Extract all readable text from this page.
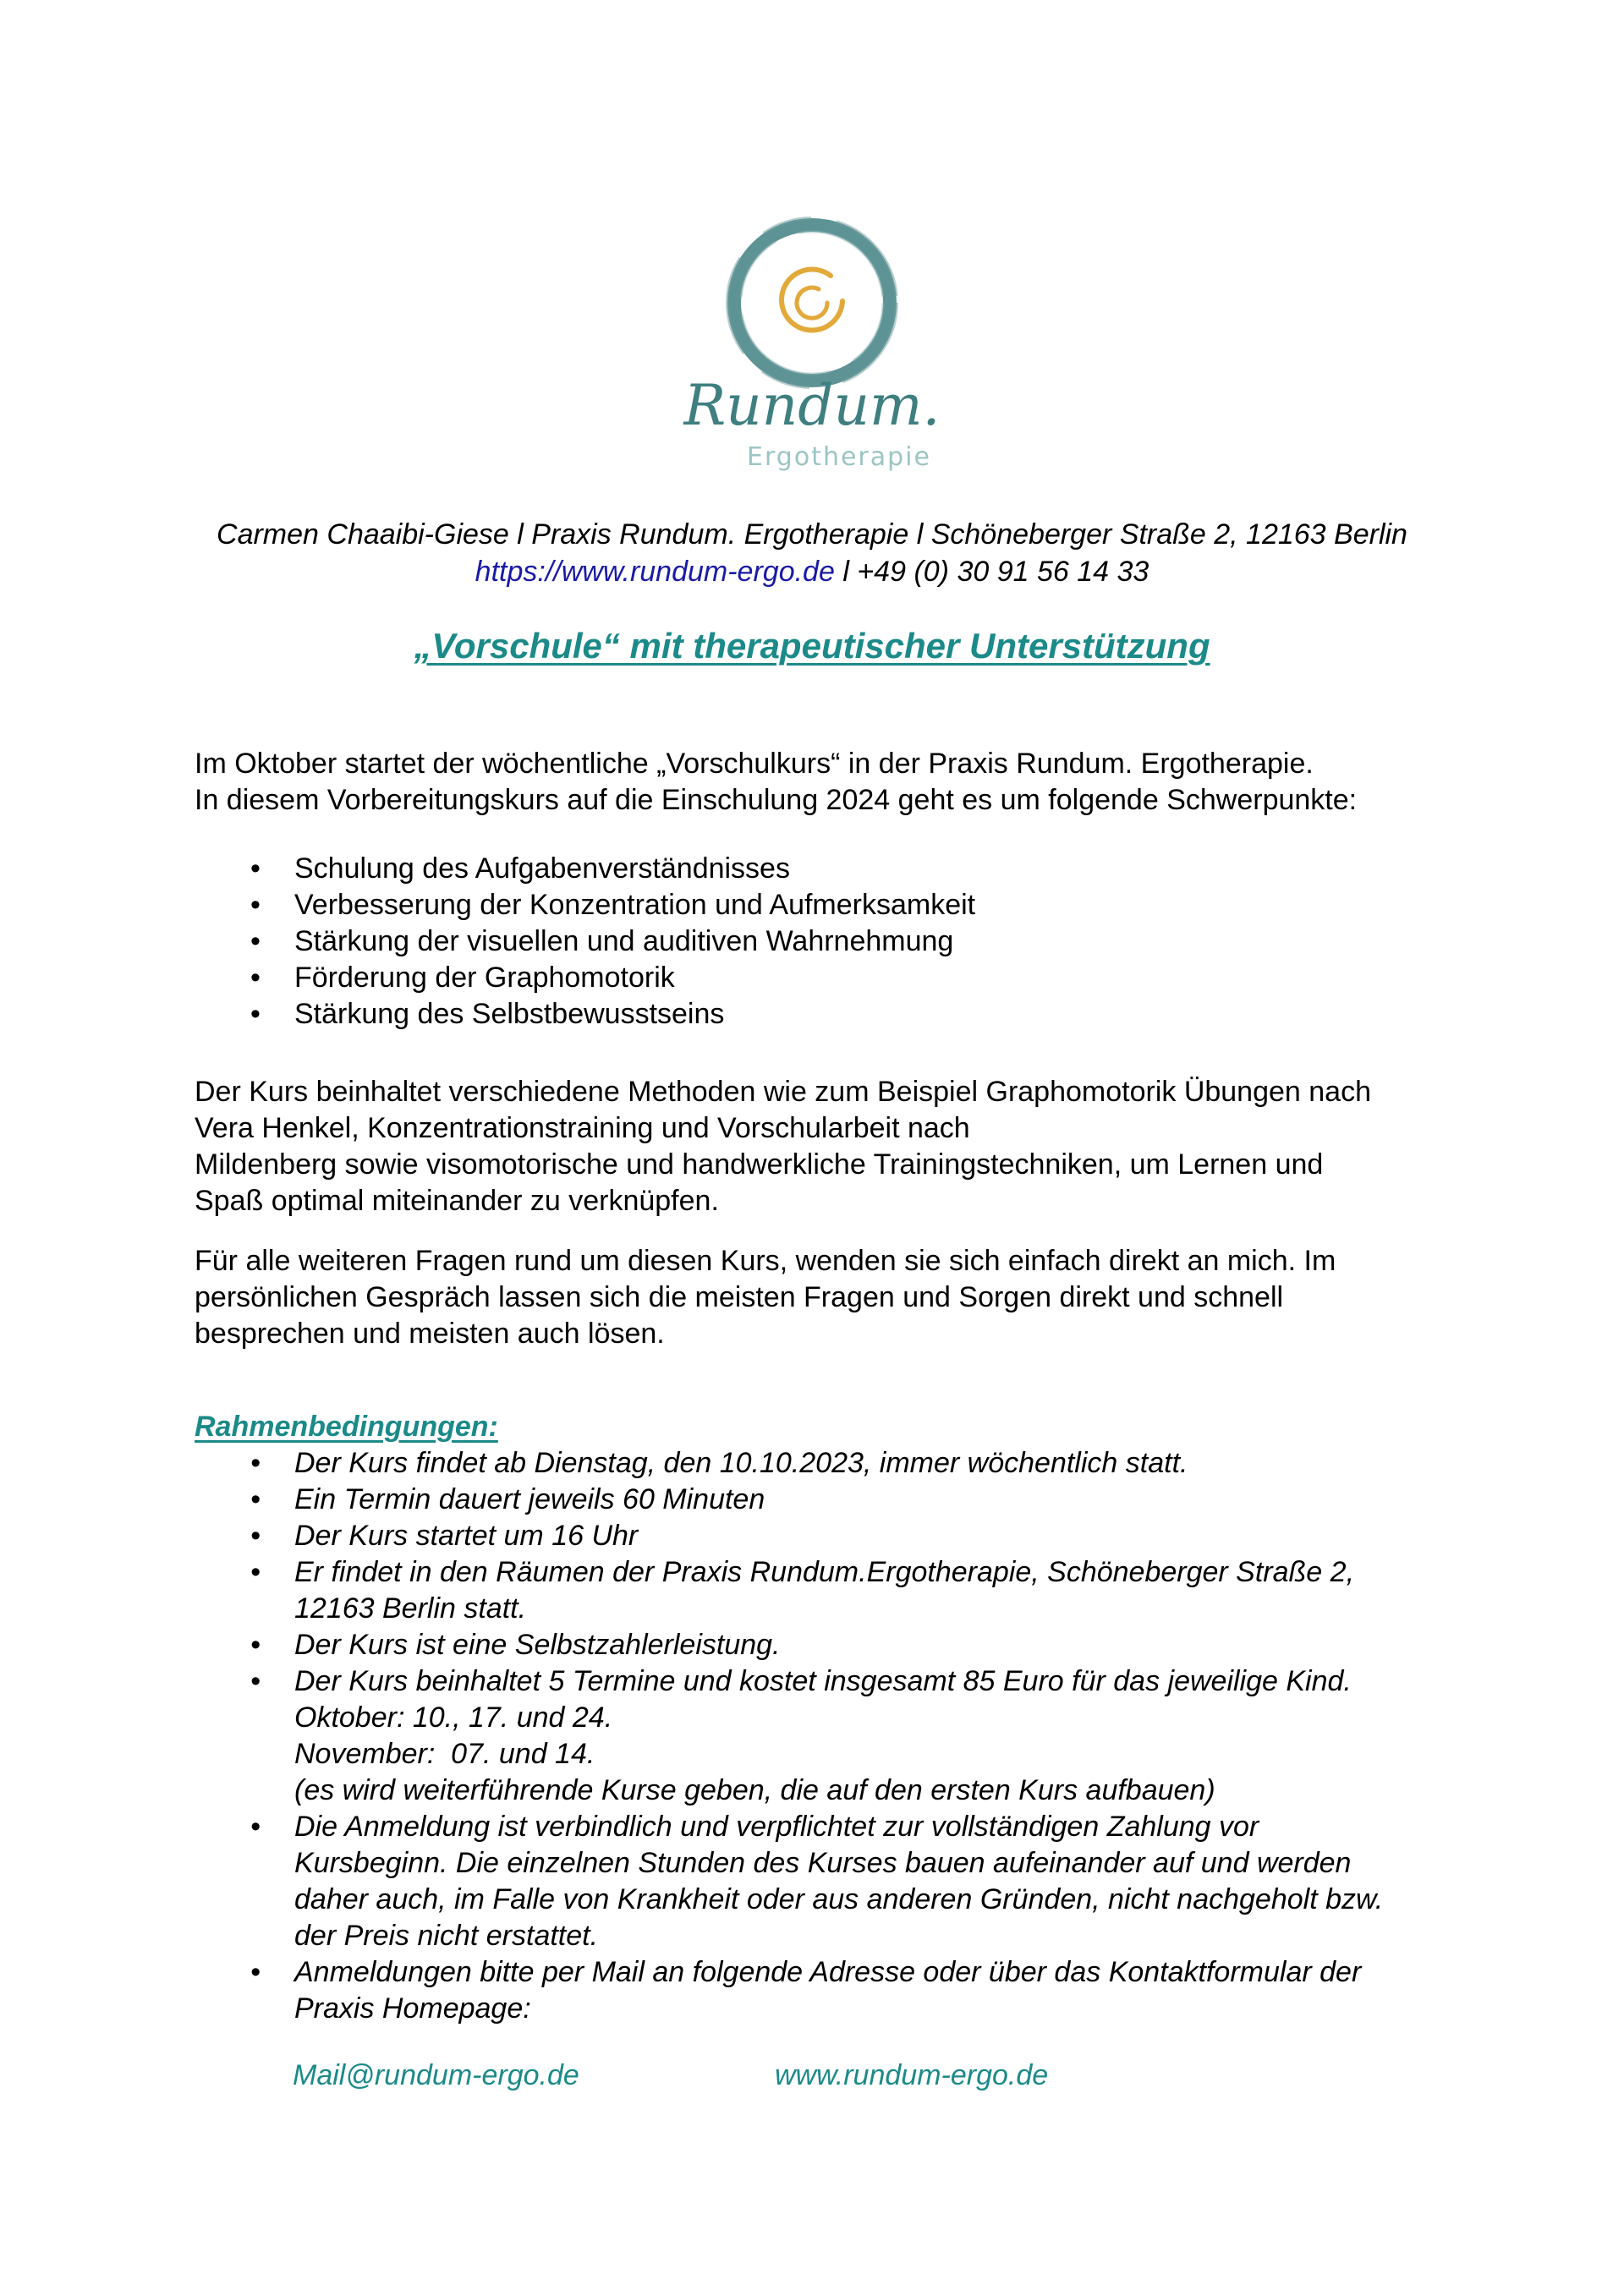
Rundum.
Ergotherapie
Carmen Chaaibi-Giese l Praxis Rundum. Ergotherapie l Schöneberger Straße 2, 12163 Berlin
https://www.rundum-ergo.de l +49 (0) 30 91 56 14 33
„Vorschule“ mit therapeutischer Unterstützung

Im Oktober startet der wöchentliche „Vorschulkurs“ in der Praxis Rundum. Ergotherapie.
In diesem Vorbereitungskurs auf die Einschulung 2024 geht es um folgende Schwerpunkte:

• Schulung des Aufgabenverständnisses
• Verbesserung der Konzentration und Aufmerksamkeit
• Stärkung der visuellen und auditiven Wahrnehmung
• Förderung der Graphomotorik
• Stärkung des Selbstbewusstseins

Der Kurs beinhaltet verschiedene Methoden wie zum Beispiel Graphomotorik Übungen nach
Vera Henkel, Konzentrationstraining und Vorschularbeit nach
Mildenberg sowie visomotorische und handwerkliche Trainingstechniken, um Lernen und
Spaß optimal miteinander zu verknüpfen.

Für alle weiteren Fragen rund um diesen Kurs, wenden sie sich einfach direkt an mich. Im
persönlichen Gespräch lassen sich die meisten Fragen und Sorgen direkt und schnell
besprechen und meisten auch lösen.

Rahmenbedingungen:
• Der Kurs findet ab Dienstag, den 10.10.2023, immer wöchentlich statt.
• Ein Termin dauert jeweils 60 Minuten
• Der Kurs startet um 16 Uhr
• Er findet in den Räumen der Praxis Rundum.Ergotherapie, Schöneberger Straße 2,
12163 Berlin statt.
• Der Kurs ist eine Selbstzahlerleistung.
• Der Kurs beinhaltet 5 Termine und kostet insgesamt 85 Euro für das jeweilige Kind.
Oktober: 10., 17. und 24.
November:  07. und 14.
(es wird weiterführende Kurse geben, die auf den ersten Kurs aufbauen)
• Die Anmeldung ist verbindlich und verpflichtet zur vollständigen Zahlung vor
Kursbeginn. Die einzelnen Stunden des Kurses bauen aufeinander auf und werden
daher auch, im Falle von Krankheit oder aus anderen Gründen, nicht nachgeholt bzw.
der Preis nicht erstattet.
• Anmeldungen bitte per Mail an folgende Adresse oder über das Kontaktformular der
Praxis Homepage:
Mail@rundum-ergo.de	www.rundum-ergo.de
